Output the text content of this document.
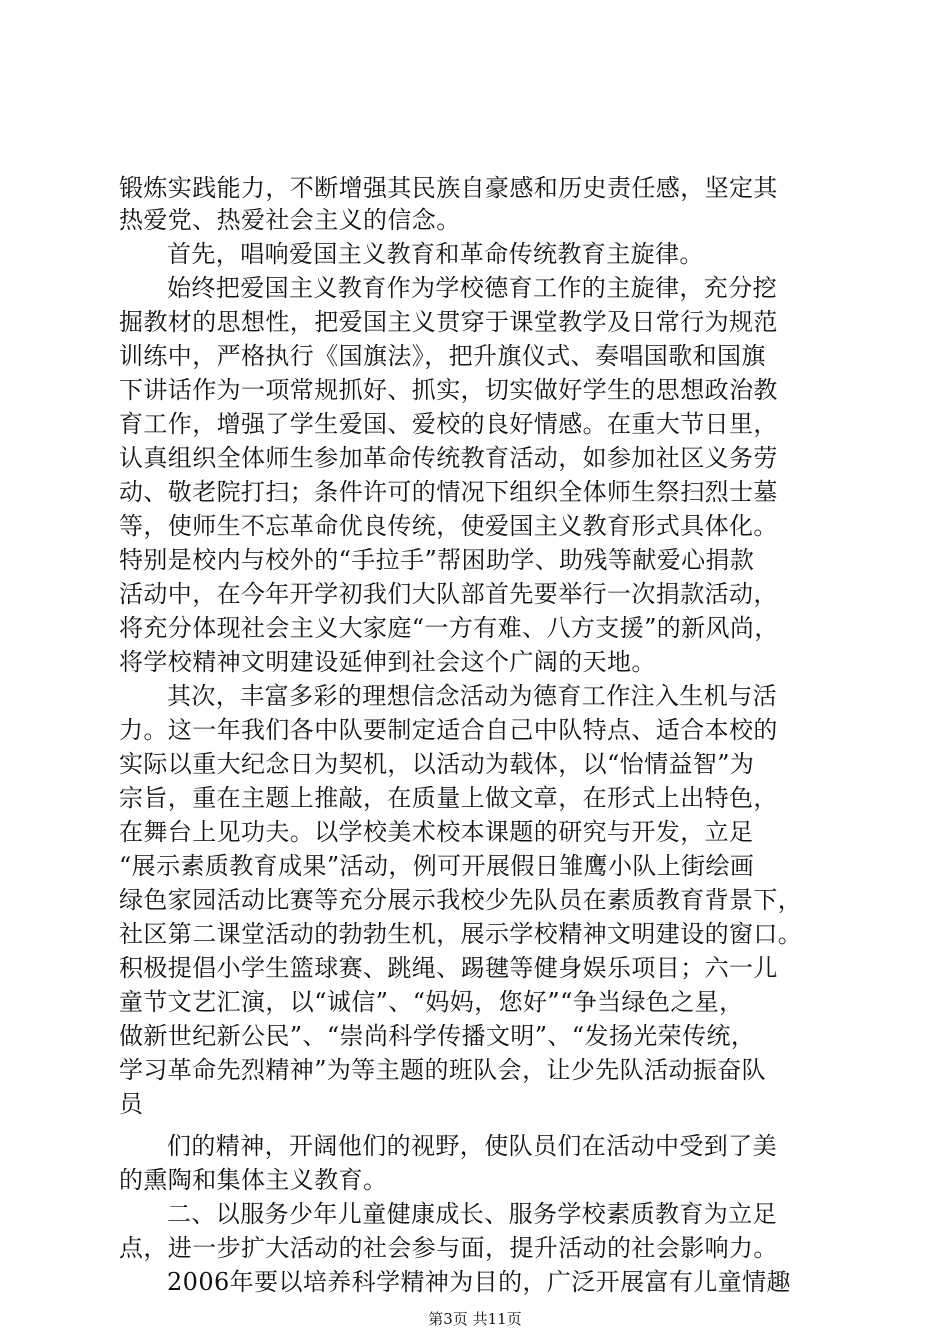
锻炼实践能力，不断增强其民族自豪感和历史责任感，坚定其
热爱党、热爱社会主义的信念。
首先，唱响爱国主义教育和革命传统教育主旋律。
始终把爱国主义教育作为学校德育工作的主旋律，充分挖
掘教材的思想性，把爱国主义贯穿于课堂教学及日常行为规范
训练中，严格执行《国旗法》，把升旗仪式、奏唱国歌和国旗
下讲话作为一项常规抓好、抓实，切实做好学生的思想政治教
育工作，增强了学生爱国、爱校的良好情感。在重大节日里，
认真组织全体师生参加革命传统教育活动，如参加社区义务劳
动、敬老院打扫；条件许可的情况下组织全体师生祭扫烈士墓
等，使师生不忘革命优良传统，使爱国主义教育形式具体化。
特别是校内与校外的“手拉手”帮困助学、助残等献爱心捐款
活动中，在今年开学初我们大队部首先要举行一次捐款活动，
将充分体现社会主义大家庭“一方有难、八方支援”的新风尚，
将学校精神文明建设延伸到社会这个广阔的天地。
其次，丰富多彩的理想信念活动为德育工作注入生机与活
力。这一年我们各中队要制定适合自己中队特点、适合本校的
实际以重大纪念日为契机，以活动为载体，以“怡情益智”为
宗旨，重在主题上推敲，在质量上做文章，在形式上出特色，
在舞台上见功夫。以学校美术校本课题的研究与开发，立足
“展示素质教育成果”活动，例可开展假日雏鹰小队上街绘画
绿色家园活动比赛等充分展示我校少先队员在素质教育背景下，
社区第二课堂活动的勃勃生机，展示学校精神文明建设的窗口。
积极提倡小学生篮球赛、跳绳、踢毽等健身娱乐项目；六一儿
童节文艺汇演，以“诚信”、“妈妈，您好”“争当绿色之星，
做新世纪新公民”、“崇尚科学传播文明”、“发扬光荣传统，
学习革命先烈精神”为等主题的班队会，让少先队活动振奋队
员
们的精神，开阔他们的视野，使队员们在活动中受到了美
的熏陶和集体主义教育。
二、以服务少年儿童健康成长、服务学校素质教育为立足
点，进一步扩大活动的社会参与面，提升活动的社会影响力。
2006年要以培养科学精神为目的，广泛开展富有儿童情趣
第3页 共11页
